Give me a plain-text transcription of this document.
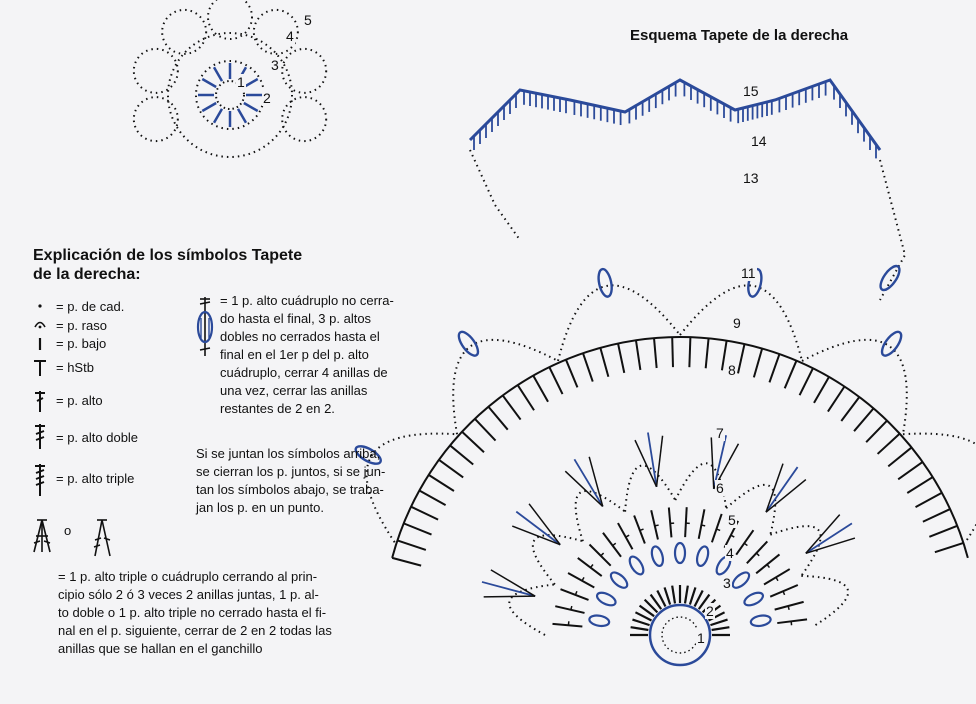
Esquema Tapete de la derecha
15
14
13
11
9
8
7
6
5
4
3
2
1
5
4
3
2
1
Explicación de los símbolos Tapete
de la derecha:
= p. de cad.
= p. raso
= p. bajo
= hStb
= p. alto
= p. alto doble
= p. alto triple
o
= 1 p. alto triple o cuádruplo cerrando al prin-
cipio sólo 2 ó 3 veces 2 anillas juntas, 1 p. al-
to doble o 1 p. alto triple no cerrado hasta el fi-
nal en el p. siguiente, cerrar de 2 en 2 todas las
anillas que se hallan en el ganchillo
= 1 p. alto cuádruplo no cerra-
do hasta el final, 3 p. altos
dobles no cerrados hasta el
final en el 1er p del p. alto
cuádruplo, cerrar 4 anillas de
una vez, cerrar las anillas
restantes de 2 en 2.
Si se juntan los símbolos arriba,
se cierran los p. juntos, si se jun-
tan los símbolos abajo, se traba-
jan los p. en un punto.
